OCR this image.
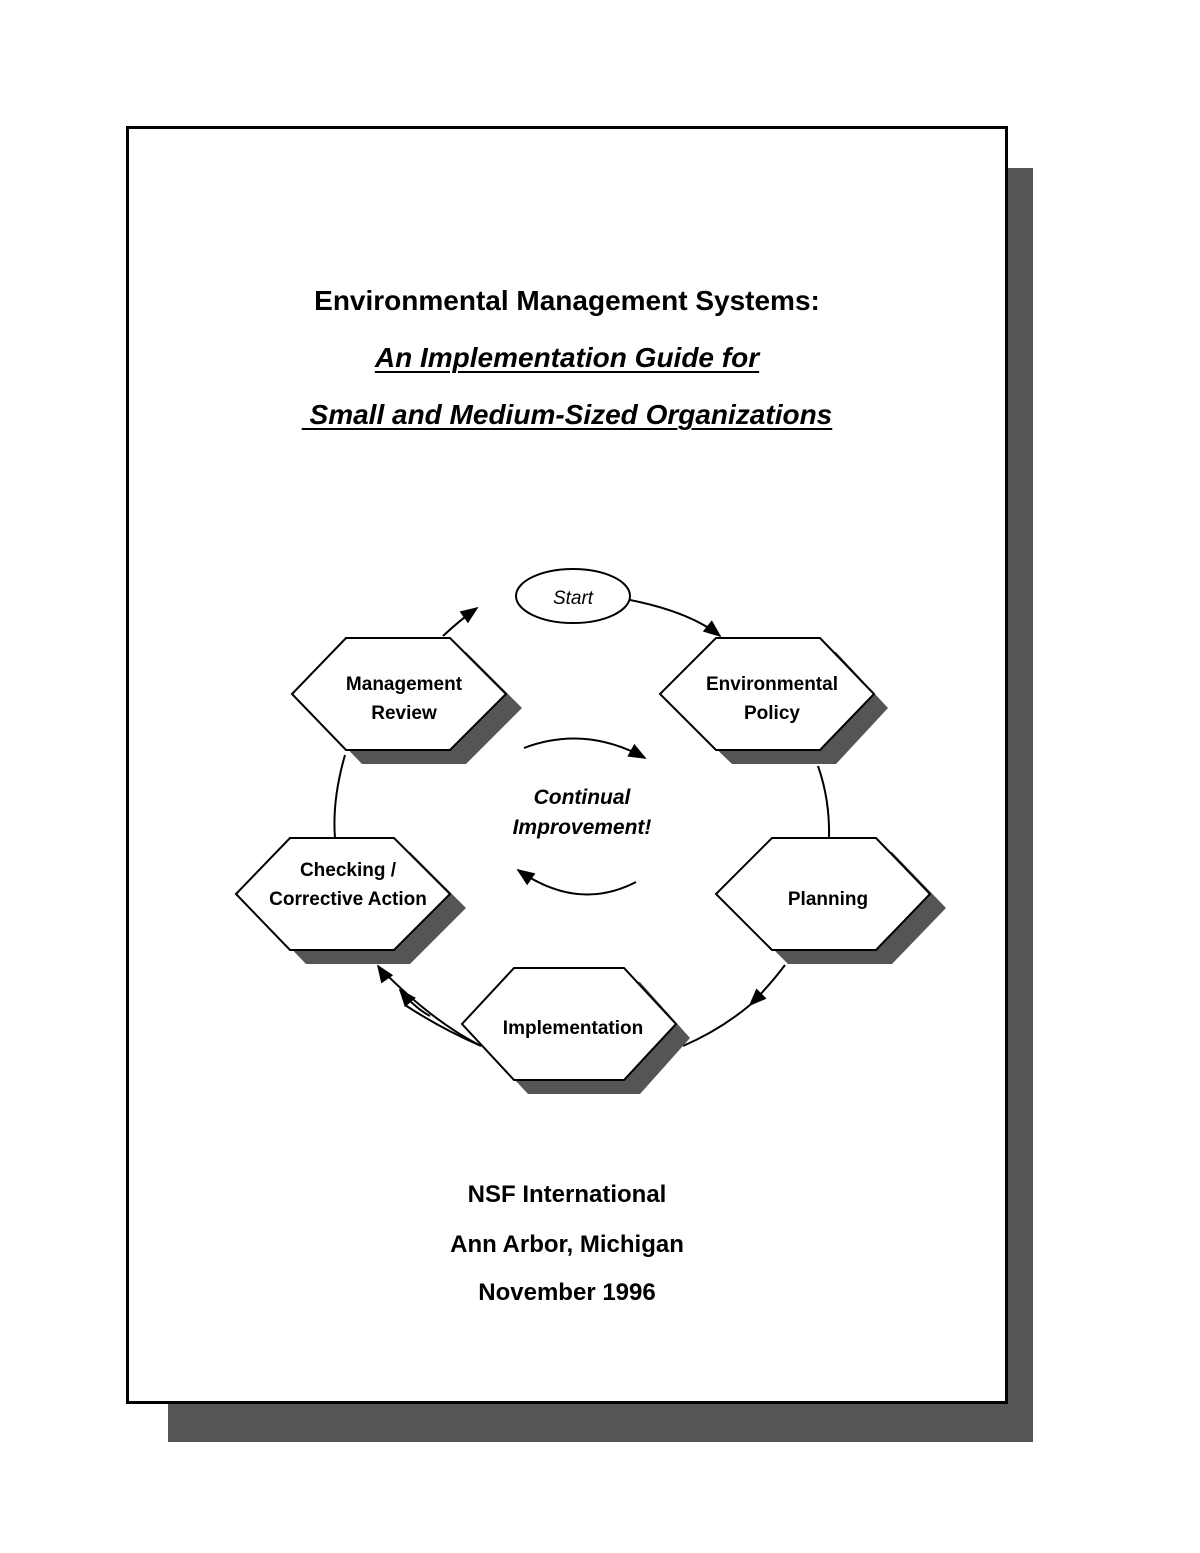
Environmental Management Systems:
An Implementation Guide for
Small and Medium-Sized Organizations
NSF International
Ann Arbor, Michigan
November 1996
Start
Environmental
Policy
Management
Review
Checking /
Corrective Action	Planning
Implementation
Continual
Improvement!
